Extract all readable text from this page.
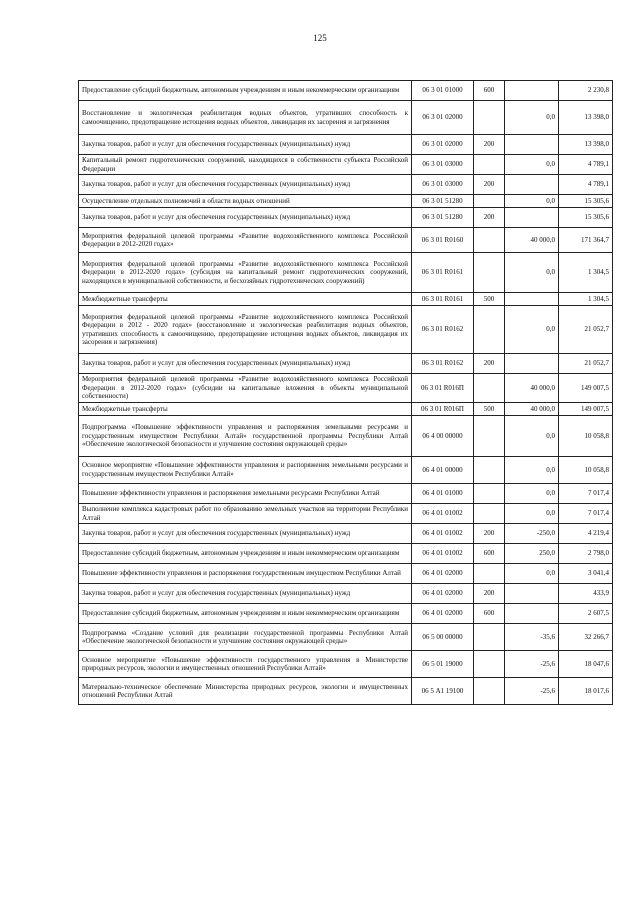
125
Предоставление субсидий бюджетным, автономным учреждениям и иным некоммерческим организациям	06 3 01 01000	600		2 230,8
Восстановление и экологическая реабилитация водных объектов, утративших способность к самоочищению, предотвращение истощения водных объектов, ликвидация их засорения и загрязнения	06 3 01 02000		0,0	13 398,0
Закупка товаров, работ и услуг для обеспечения государственных (муниципальных) нужд	06 3 01 02000	200		13 398,0
Капитальный ремонт гидротехнических сооружений, находящихся в собственности субъекта Российской Федерации	06 3 01 03000		0,0	4 789,1
Закупка товаров, работ и услуг для обеспечения государственных (муниципальных) нужд	06 3 01 03000	200		4 789,1
Осуществление отдельных полномочий в области водных отношений	06 3 01 51280		0,0	15 305,6
Закупка товаров, работ и услуг для обеспечения государственных (муниципальных) нужд	06 3 01 51280	200		15 305,6
Мероприятия федеральной целевой программы «Развитие водохозяйственного комплекса Российской Федерации в 2012-2020 годах»	06 3 01 R0160		40 000,0	171 364,7
Мероприятия федеральной целевой программы «Развитие водохозяйственного комплекса Российской Федерации в 2012-2020 годах» (субсидия на капитальный ремонт гидротехнических сооружений, находящихся в муниципальной собственности, и бесхозяйных гидротехнических сооружений)	06 3 01 R0161		0,0	1 304,5
Межбюджетные трансферты	06 3 01 R0161	500		1 304,5
Мероприятия федеральной целевой программы «Развитие водохозяйственного комплекса Российской Федерации в 2012 - 2020 годах» (восстановление и экологическая реабилитация водных объектов, утративших способность к самоочищению, предотвращение истощения водных объектов, ликвидация их засорения и загрязнения)	06 3 01 R0162		0,0	21 052,7
Закупка товаров, работ и услуг для обеспечения государственных (муниципальных) нужд	06 3 01 R0162	200		21 052,7
Мероприятия федеральной целевой программы «Развитие водохозяйственного комплекса Российской Федерации в 2012-2020 годах» (субсидии на капитальные вложения в объекты муниципальной собственности)	06 3 01 R016П		40 000,0	149 007,5
Межбюджетные трансферты	06 3 01 R016П	500	40 000,0	149 007,5
Подпрограмма «Повышение эффективности управления и распоряжения земельными ресурсами и государственным имуществом Республики Алтай» государственной программы Республики Алтай «Обеспечение экологической безопасности и улучшение состояния окружающей среды»	06 4 00 00000		0,0	10 058,8
Основное мероприятие «Повышение эффективности управления и распоряжения земельными ресурсами и государственным имуществом Республики Алтай»	06 4 01 00000		0,0	10 058,8
Повышение эффективности управления и распоряжения земельными ресурсами Республики Алтай	06 4 01 01000		0,0	7 017,4
Выполнение комплекса кадастровых работ по образованию земельных участков на территории Республики Алтай	06 4 01 01002		0,0	7 017,4
Закупка товаров, работ и услуг для обеспечения государственных (муниципальных) нужд	06 4 01 01002	200	-250,0	4 219,4
Предоставление субсидий бюджетным, автономным учреждениям и иным некоммерческим организациям	06 4 01 01002	600	250,0	2 798,0
Повышение эффективности управления и распоряжения государственным имуществом Республики Алтай	06 4 01 02000		0,0	3 041,4
Закупка товаров, работ и услуг для обеспечения государственных (муниципальных) нужд	06 4 01 02000	200		433,9
Предоставление субсидий бюджетным, автономным учреждениям и иным некоммерческим организациям	06 4 01 02000	600		2 607,5
Подпрограмма «Создание условий для реализации государственной программы Республики Алтай «Обеспечение экологической безопасности и улучшение состояния окружающей среды»	06 5 00 00000		-35,6	32 266,7
Основное мероприятие «Повышение эффективности государственного управления в Министерстве природных ресурсов, экологии и имущественных отношений Республики Алтай»	06 5 01 19000		-25,6	18 047,6
Материально-техническое обеспечение Министерства природных ресурсов, экологии и имущественных отношений Республики Алтай	06 5 А1 19100		-25,6	18 017,6
